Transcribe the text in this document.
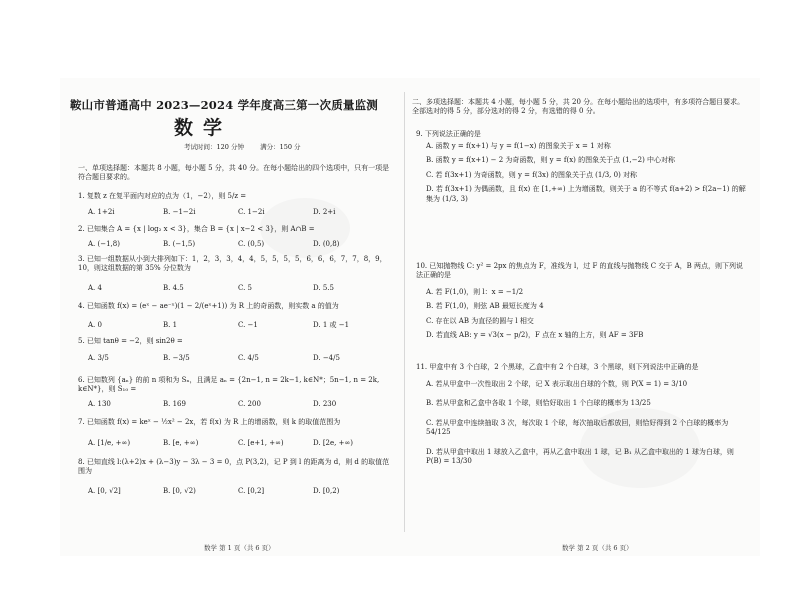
鞍山市普通高中 2023—2024 学年度高三第一次质量监测
数学
考试时间：120 分钟 满分：150 分
一、单项选择题：本题共 8 小题，每小题 5 分，共 40 分。在每小题给出的四个选项中，只有一项是符合题目要求的。
1. 复数 z 在复平面内对应的点为（1，−2），则 5/z =
A. 1+2i	B. −1−2i	C. 1−2i	D. 2+i
2. 已知集合 A = {x | log₂ x < 3}，集合 B = {x | x−2 < 3}，则 A∩B =
A. (−1,8)	B. (−1,5)	C. (0,5)	D. (0,8)
3. 已知一组数据从小到大排列如下：1，2，3，3，4，4，5，5，5，5，6，6，6，7，7，8，9，10，则这组数据的第 35% 分位数为
A. 4	B. 4.5	C. 5	D. 5.5
4. 已知函数 f(x) = (eˣ − ae⁻ˣ)(1 − 2/(eˣ+1)) 为 R 上的奇函数，则实数 a 的值为
A. 0	B. 1	C. −1	D. 1 或 −1
5. 已知 tanθ = −2，则 sin2θ =
A. 3/5	B. −3/5	C. 4/5	D. −4/5
6. 已知数列 {aₙ} 的前 n 项和为 Sₙ，且满足 aₙ = {2n−1, n = 2k−1, k∈N*；5n−1, n = 2k, k∈N*}，则 S₁₀ =
A. 130	B. 169	C. 200	D. 230
7. 已知函数 f(x) = keˣ − ½x² − 2x，若 f(x) 为 R 上的增函数，则 k 的取值范围为
A. [1/e, +∞)	B. [e, +∞)	C. [e+1, +∞)	D. [2e, +∞)
8. 已知直线 l:(λ+2)x + (λ−3)y − 3λ − 3 = 0，点 P(3,2)，记 P 到 l 的距离为 d，则 d 的取值范围为
A. [0, √2]	B. [0, √2)	C. [0,2]	D. [0,2)
数学 第 1 页（共 6 页）
二、多项选择题：本题共 4 小题，每小题 5 分，共 20 分。在每小题给出的选项中，有多项符合题目要求。全部选对的得 5 分，部分选对的得 2 分，有选错的得 0 分。
9. 下列说法正确的是
A. 函数 y = f(x+1) 与 y = f(1−x) 的图象关于 x = 1 对称
B. 函数 y = f(x+1) − 2 为奇函数，则 y = f(x) 的图象关于点 (1,−2) 中心对称
C. 若 f(3x+1) 为奇函数，则 y = f(3x) 的图象关于点 (1/3, 0) 对称
D. 若 f(3x+1) 为偶函数，且 f(x) 在 [1,+∞) 上为增函数，则关于 a 的不等式 f(a+2) > f(2a−1) 的解集为 (1/3, 3)
10. 已知抛物线 C: y² = 2px 的焦点为 F，准线为 l，过 F 的直线与抛物线 C 交于 A，B 两点，则下列说法正确的是
A. 若 F(1,0)，则 l：x = −1/2
B. 若 F(1,0)，则弦 AB 最短长度为 4
C. 存在以 AB 为直径的圆与 l 相交
D. 若直线 AB: y = √3(x − p/2)，F 点在 x 轴的上方，则 AF = 3FB
11. 甲盒中有 3 个白球，2 个黑球，乙盒中有 2 个白球，3 个黑球，则下列说法中正确的是
A. 若从甲盒中一次性取出 2 个球，记 X 表示取出白球的个数，则 P(X = 1) = 3/10
B. 若从甲盒和乙盒中各取 1 个球，则恰好取出 1 个白球的概率为 13/25
C. 若从甲盒中连续抽取 3 次，每次取 1 个球，每次抽取后都放回，则恰好得到 2 个白球的概率为 54/125
D. 若从甲盒中取出 1 球放入乙盒中，再从乙盒中取出 1 球，记 B₁ 从乙盒中取出的 1 球为白球，则 P(B) = 13/30
数学 第 2 页（共 6 页）
